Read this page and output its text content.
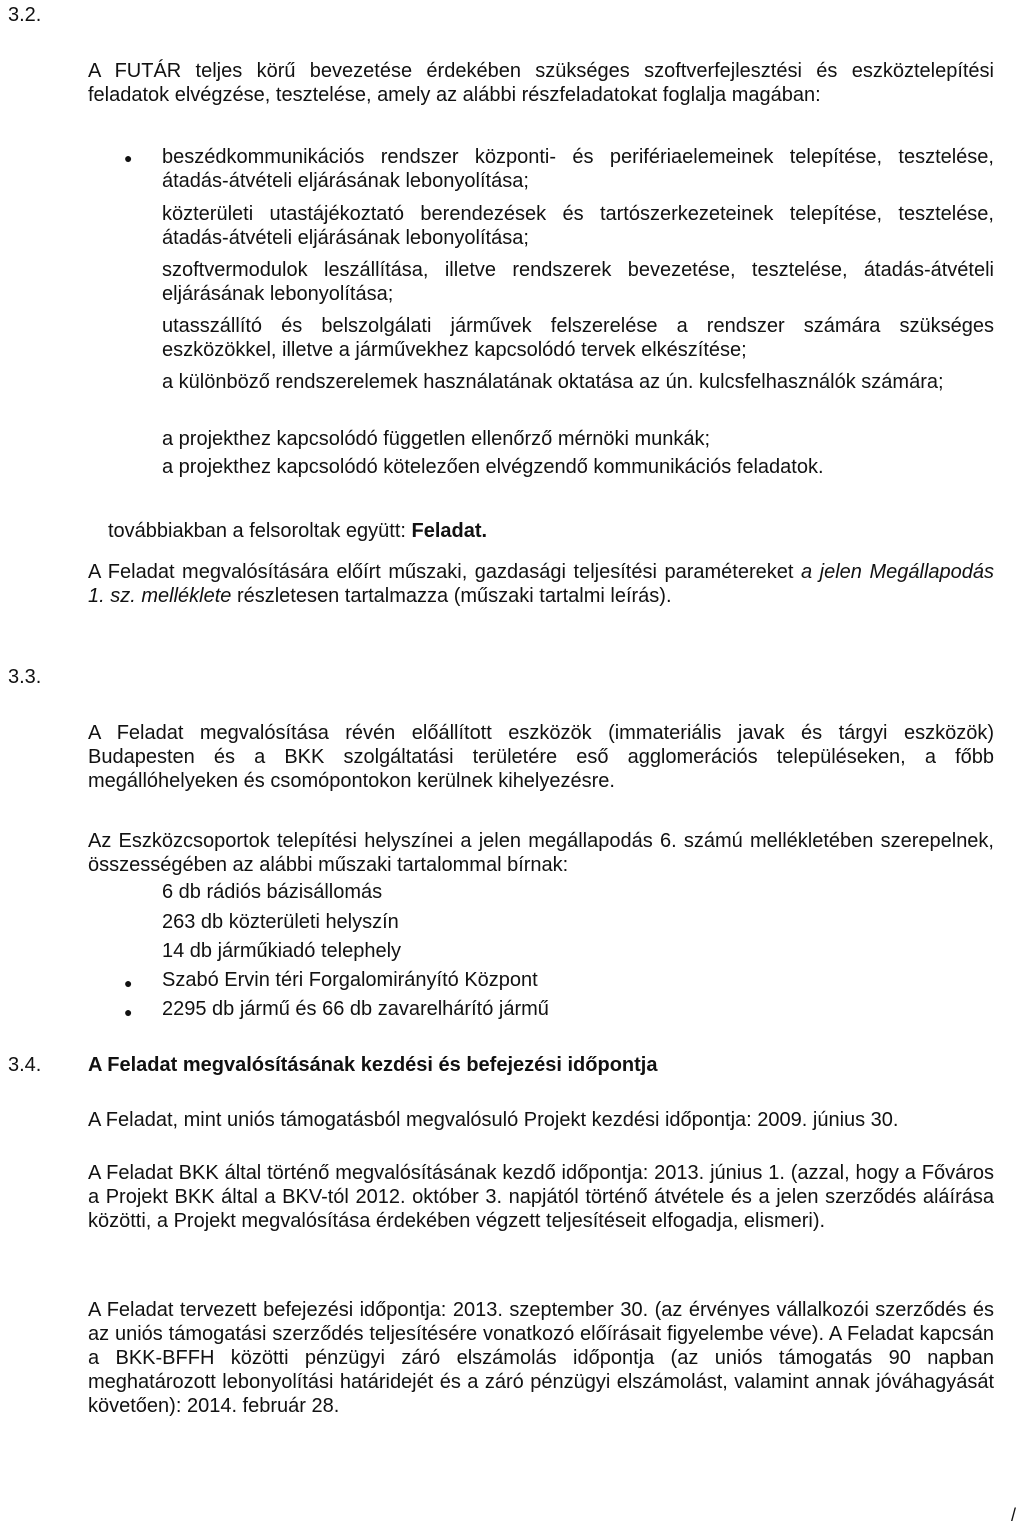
3.2.
A FUTÁR teljes körű bevezetése érdekében szükséges szoftverfejlesztési és eszköztelepítési feladatok elvégzése, tesztelése, amely az alábbi részfeladatokat foglalja magában:
● beszédkommunikációs rendszer központi- és perifériaelemeinek telepítése, tesztelése, átadás-átvételi eljárásának lebonyolítása;
közterületi utastájékoztató berendezések és tartószerkezeteinek telepítése, tesztelése, átadás-átvételi eljárásának lebonyolítása;
szoftvermodulok leszállítása, illetve rendszerek bevezetése, tesztelése, átadás-átvételi eljárásának lebonyolítása;
utasszállító és belszolgálati járművek felszerelése a rendszer számára szükséges eszközökkel, illetve a járművekhez kapcsolódó tervek elkészítése;
a különböző rendszerelemek használatának oktatása az ún. kulcsfelhasználók számára;
a projekthez kapcsolódó független ellenőrző mérnöki munkák;
a projekthez kapcsolódó kötelezően elvégzendő kommunikációs feladatok.
továbbiakban a felsoroltak együtt: Feladat.
A Feladat megvalósítására előírt műszaki, gazdasági teljesítési paramétereket a jelen Megállapodás 1. sz. melléklete részletesen tartalmazza (műszaki tartalmi leírás).
3.3.
A Feladat megvalósítása révén előállított eszközök (immateriális javak és tárgyi eszközök) Budapesten és a BKK szolgáltatási területére eső agglomerációs településeken, a főbb megállóhelyeken és csomópontokon kerülnek kihelyezésre.
Az Eszközcsoportok telepítési helyszínei a jelen megállapodás 6. számú mellékletében szerepelnek, összességében az alábbi műszaki tartalommal bírnak:
6 db rádiós bázisállomás
263 db közterületi helyszín
14 db járműkiadó telephely
● Szabó Ervin téri Forgalomirányító Központ
● 2295 db jármű és 66 db zavarelhárító jármű
3.4. A Feladat megvalósításának kezdési és befejezési időpontja
A Feladat, mint uniós támogatásból megvalósuló Projekt kezdési időpontja: 2009. június 30.
A Feladat BKK által történő megvalósításának kezdő időpontja: 2013. június 1. (azzal, hogy a Főváros a Projekt BKK által a BKV-tól 2012. október 3. napjától történő átvétele és a jelen szerződés aláírása közötti, a Projekt megvalósítása érdekében végzett teljesítéseit elfogadja, elismeri).
A Feladat tervezett befejezési időpontja: 2013. szeptember 30. (az érvényes vállalkozói szerződés és az uniós támogatási szerződés teljesítésére vonatkozó előírásait figyelembe véve). A Feladat kapcsán a BKK-BFFH közötti pénzügyi záró elszámolás időpontja (az uniós támogatás 90 napban meghatározott lebonyolítási határidejét és a záró pénzügyi elszámolást, valamint annak jóváhagyását követően): 2014. február 28.
/
